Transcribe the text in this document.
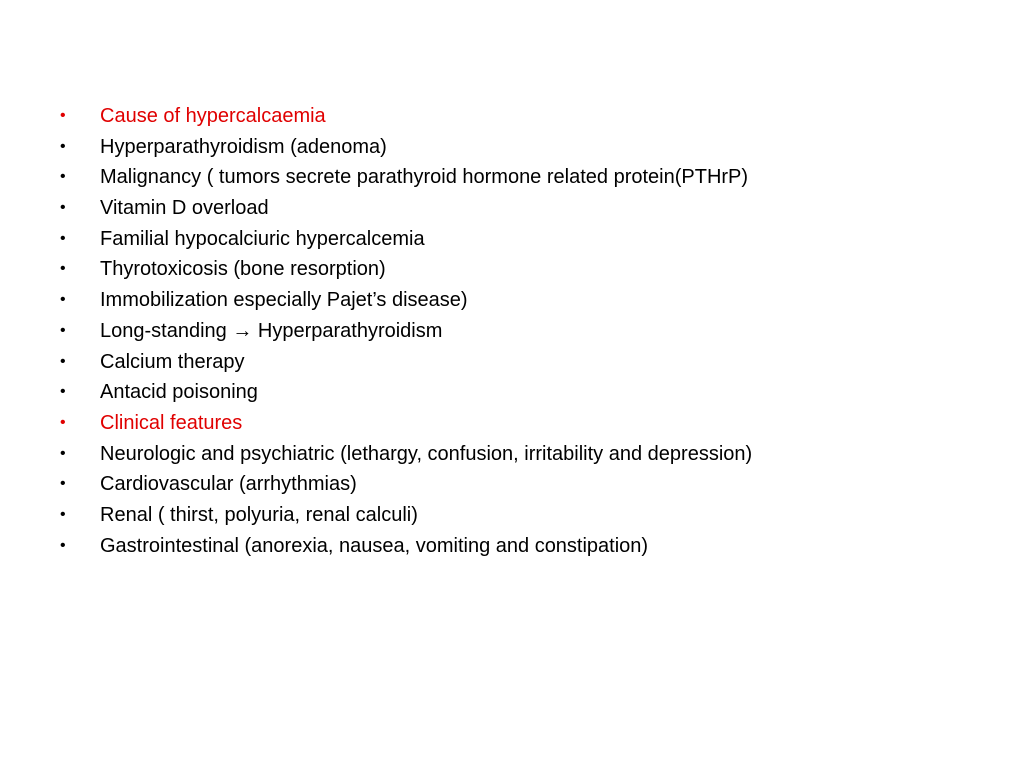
• Cause of hypercalcaemia
• Hyperparathyroidism (adenoma)
• Malignancy ( tumors secrete parathyroid hormone related protein(PTHrP)
• Vitamin D overload
• Familial hypocalciuric hypercalcemia
• Thyrotoxicosis (bone resorption)
• Immobilization especially Pajet’s disease)
• Long-standing → Hyperparathyroidism
• Calcium therapy
• Antacid poisoning
• Clinical features
• Neurologic and psychiatric (lethargy, confusion, irritability and depression)
• Cardiovascular (arrhythmias)
• Renal ( thirst, polyuria, renal calculi)
• Gastrointestinal (anorexia, nausea, vomiting and constipation)
